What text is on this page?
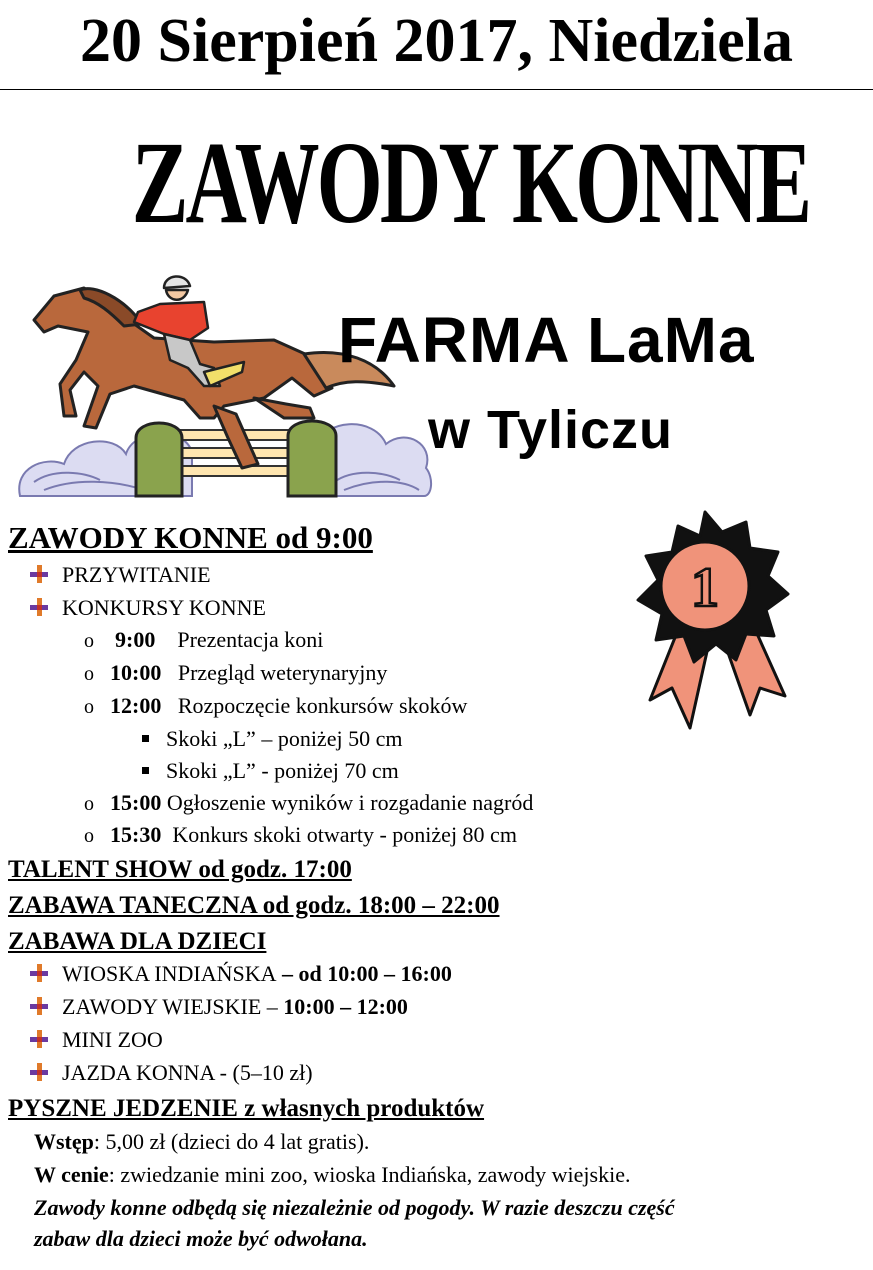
20 Sierpień 2017, Niedziela
ZAWODY KONNE
FARMA LaMa
w Tyliczu
1
ZAWODY KONNE od 9:00
PRZYWITANIE
KONKURSY KONNE
o 9:00 Prezentacja koni
o 10:00 Przegląd weterynaryjny
o 12:00 Rozpoczęcie konkursów skoków
Skoki „L” – poniżej 50 cm
Skoki „L” - poniżej 70 cm
o 15:00 Ogłoszenie wyników i rozgadanie nagród
o 15:30 Konkurs skoki otwarty - poniżej 80 cm
TALENT SHOW od godz. 17:00
ZABAWA TANECZNA od godz. 18:00 – 22:00
ZABAWA DLA DZIECI
WIOSKA INDIAŃSKA – od 10:00 – 16:00
ZAWODY WIEJSKIE – 10:00 – 12:00
MINI ZOO
JAZDA KONNA - (5–10 zł)
PYSZNE JEDZENIE z własnych produktów
Wstęp: 5,00 zł (dzieci do 4 lat gratis).
W cenie: zwiedzanie mini zoo, wioska Indiańska, zawody wiejskie.
Zawody konne odbędą się niezależnie od pogody. W razie deszczu część
zabaw dla dzieci może być odwołana.
